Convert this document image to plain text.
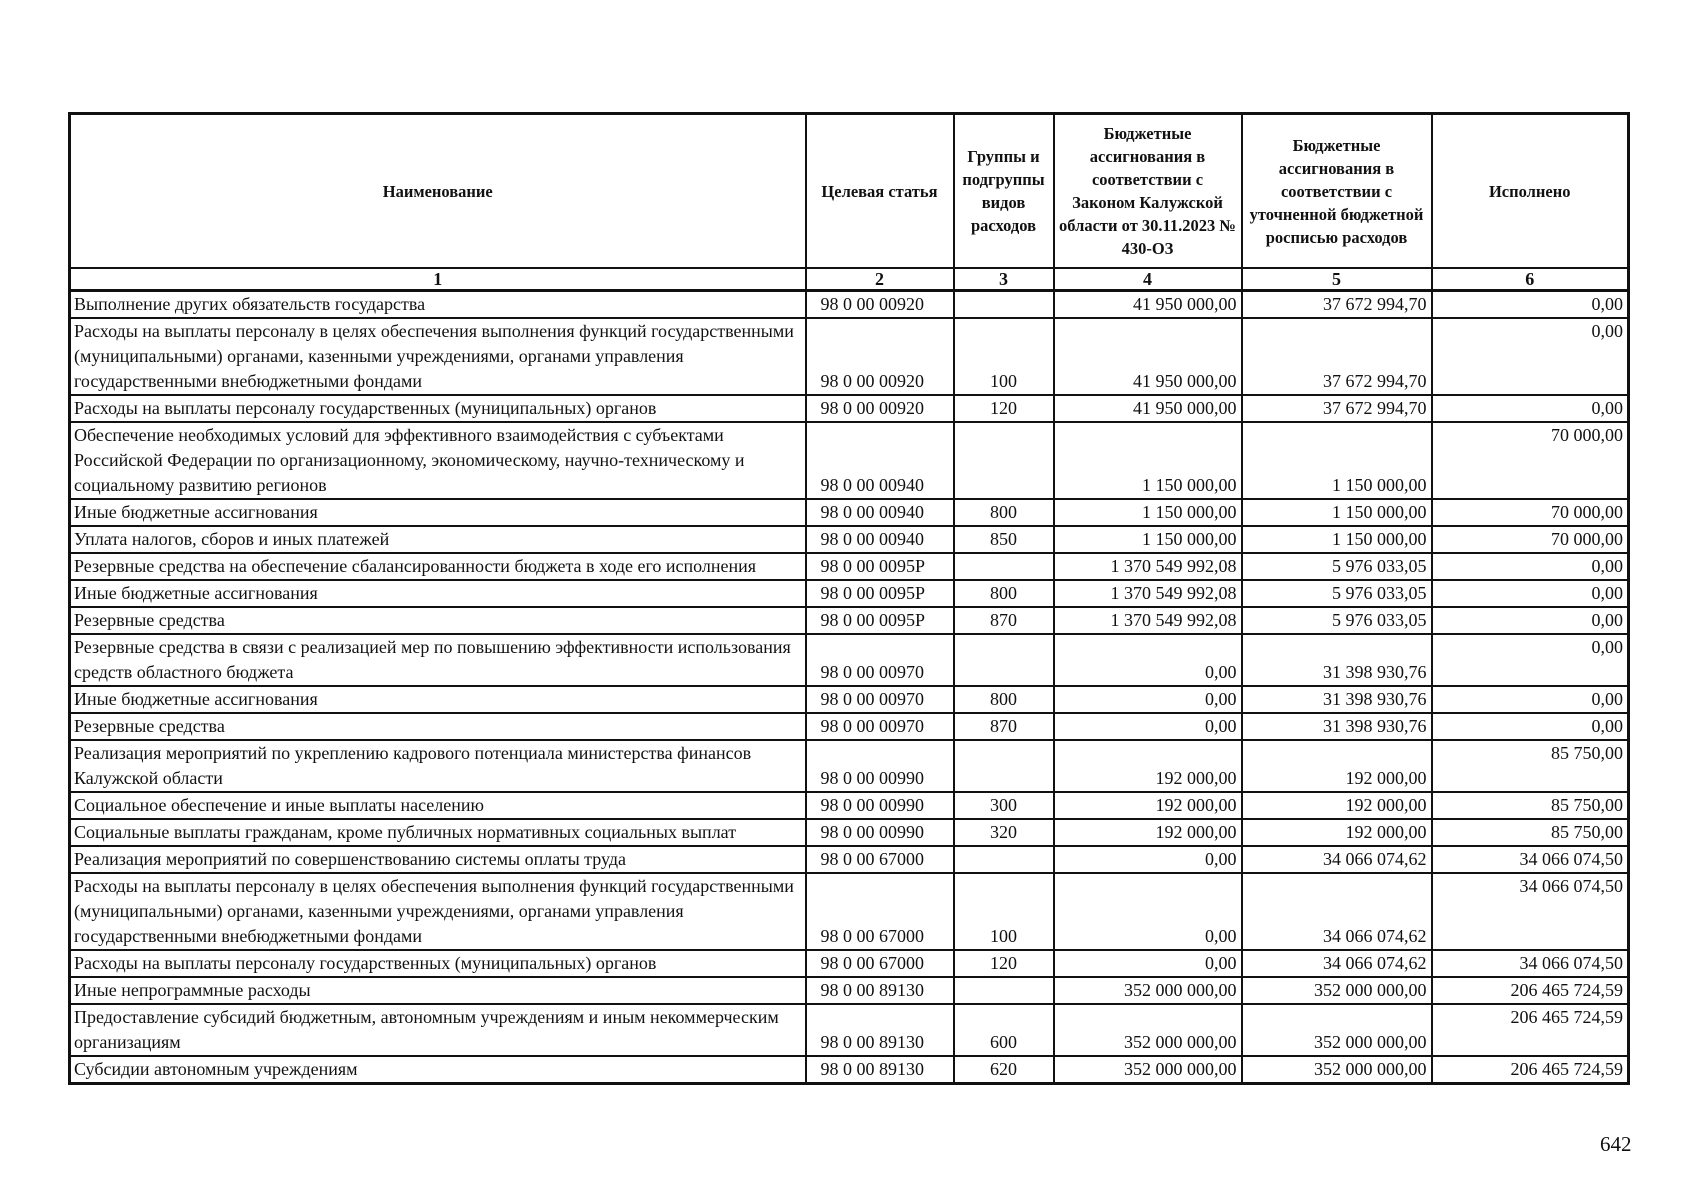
Наименование	Целевая статья	Группы и подгруппы видов расходов	Бюджетные ассигнования в соответствии с Законом Калужской области от 30.11.2023 № 430-ОЗ	Бюджетные ассигнования в соответствии с уточненной бюджетной росписью расходов	Исполнено
1	2	3	4	5	6
Выполнение других обязательств государства	98 0 00 00920		41 950 000,00	37 672 994,70	0,00
Расходы на выплаты персоналу в целях обеспечения выполнения функций государственными (муниципальными) органами, казенными учреждениями, органами управления государственными внебюджетными фондами	98 0 00 00920	100	41 950 000,00	37 672 994,70	0,00
Расходы на выплаты персоналу государственных (муниципальных) органов	98 0 00 00920	120	41 950 000,00	37 672 994,70	0,00
Обеспечение необходимых условий для эффективного взаимодействия с субъектами Российской Федерации по организационному, экономическому, научно-техническому и социальному развитию регионов	98 0 00 00940		1 150 000,00	1 150 000,00	70 000,00
Иные бюджетные ассигнования	98 0 00 00940	800	1 150 000,00	1 150 000,00	70 000,00
Уплата налогов, сборов и иных платежей	98 0 00 00940	850	1 150 000,00	1 150 000,00	70 000,00
Резервные средства на обеспечение сбалансированности бюджета в ходе его исполнения	98 0 00 0095Р		1 370 549 992,08	5 976 033,05	0,00
Иные бюджетные ассигнования	98 0 00 0095Р	800	1 370 549 992,08	5 976 033,05	0,00
Резервные средства	98 0 00 0095Р	870	1 370 549 992,08	5 976 033,05	0,00
Резервные средства в связи с реализацией мер по повышению эффективности использования средств областного бюджета	98 0 00 00970		0,00	31 398 930,76	0,00
Иные бюджетные ассигнования	98 0 00 00970	800	0,00	31 398 930,76	0,00
Резервные средства	98 0 00 00970	870	0,00	31 398 930,76	0,00
Реализация мероприятий по укреплению кадрового потенциала министерства финансов Калужской области	98 0 00 00990		192 000,00	192 000,00	85 750,00
Социальное обеспечение и иные выплаты населению	98 0 00 00990	300	192 000,00	192 000,00	85 750,00
Социальные выплаты гражданам, кроме публичных нормативных социальных выплат	98 0 00 00990	320	192 000,00	192 000,00	85 750,00
Реализация мероприятий по совершенствованию системы оплаты труда	98 0 00 67000		0,00	34 066 074,62	34 066 074,50
Расходы на выплаты персоналу в целях обеспечения выполнения функций государственными (муниципальными) органами, казенными учреждениями, органами управления государственными внебюджетными фондами	98 0 00 67000	100	0,00	34 066 074,62	34 066 074,50
Расходы на выплаты персоналу государственных (муниципальных) органов	98 0 00 67000	120	0,00	34 066 074,62	34 066 074,50
Иные непрограммные расходы	98 0 00 89130		352 000 000,00	352 000 000,00	206 465 724,59
Предоставление субсидий бюджетным, автономным учреждениям и иным некоммерческим организациям	98 0 00 89130	600	352 000 000,00	352 000 000,00	206 465 724,59
Субсидии автономным учреждениям	98 0 00 89130	620	352 000 000,00	352 000 000,00	206 465 724,59
642
